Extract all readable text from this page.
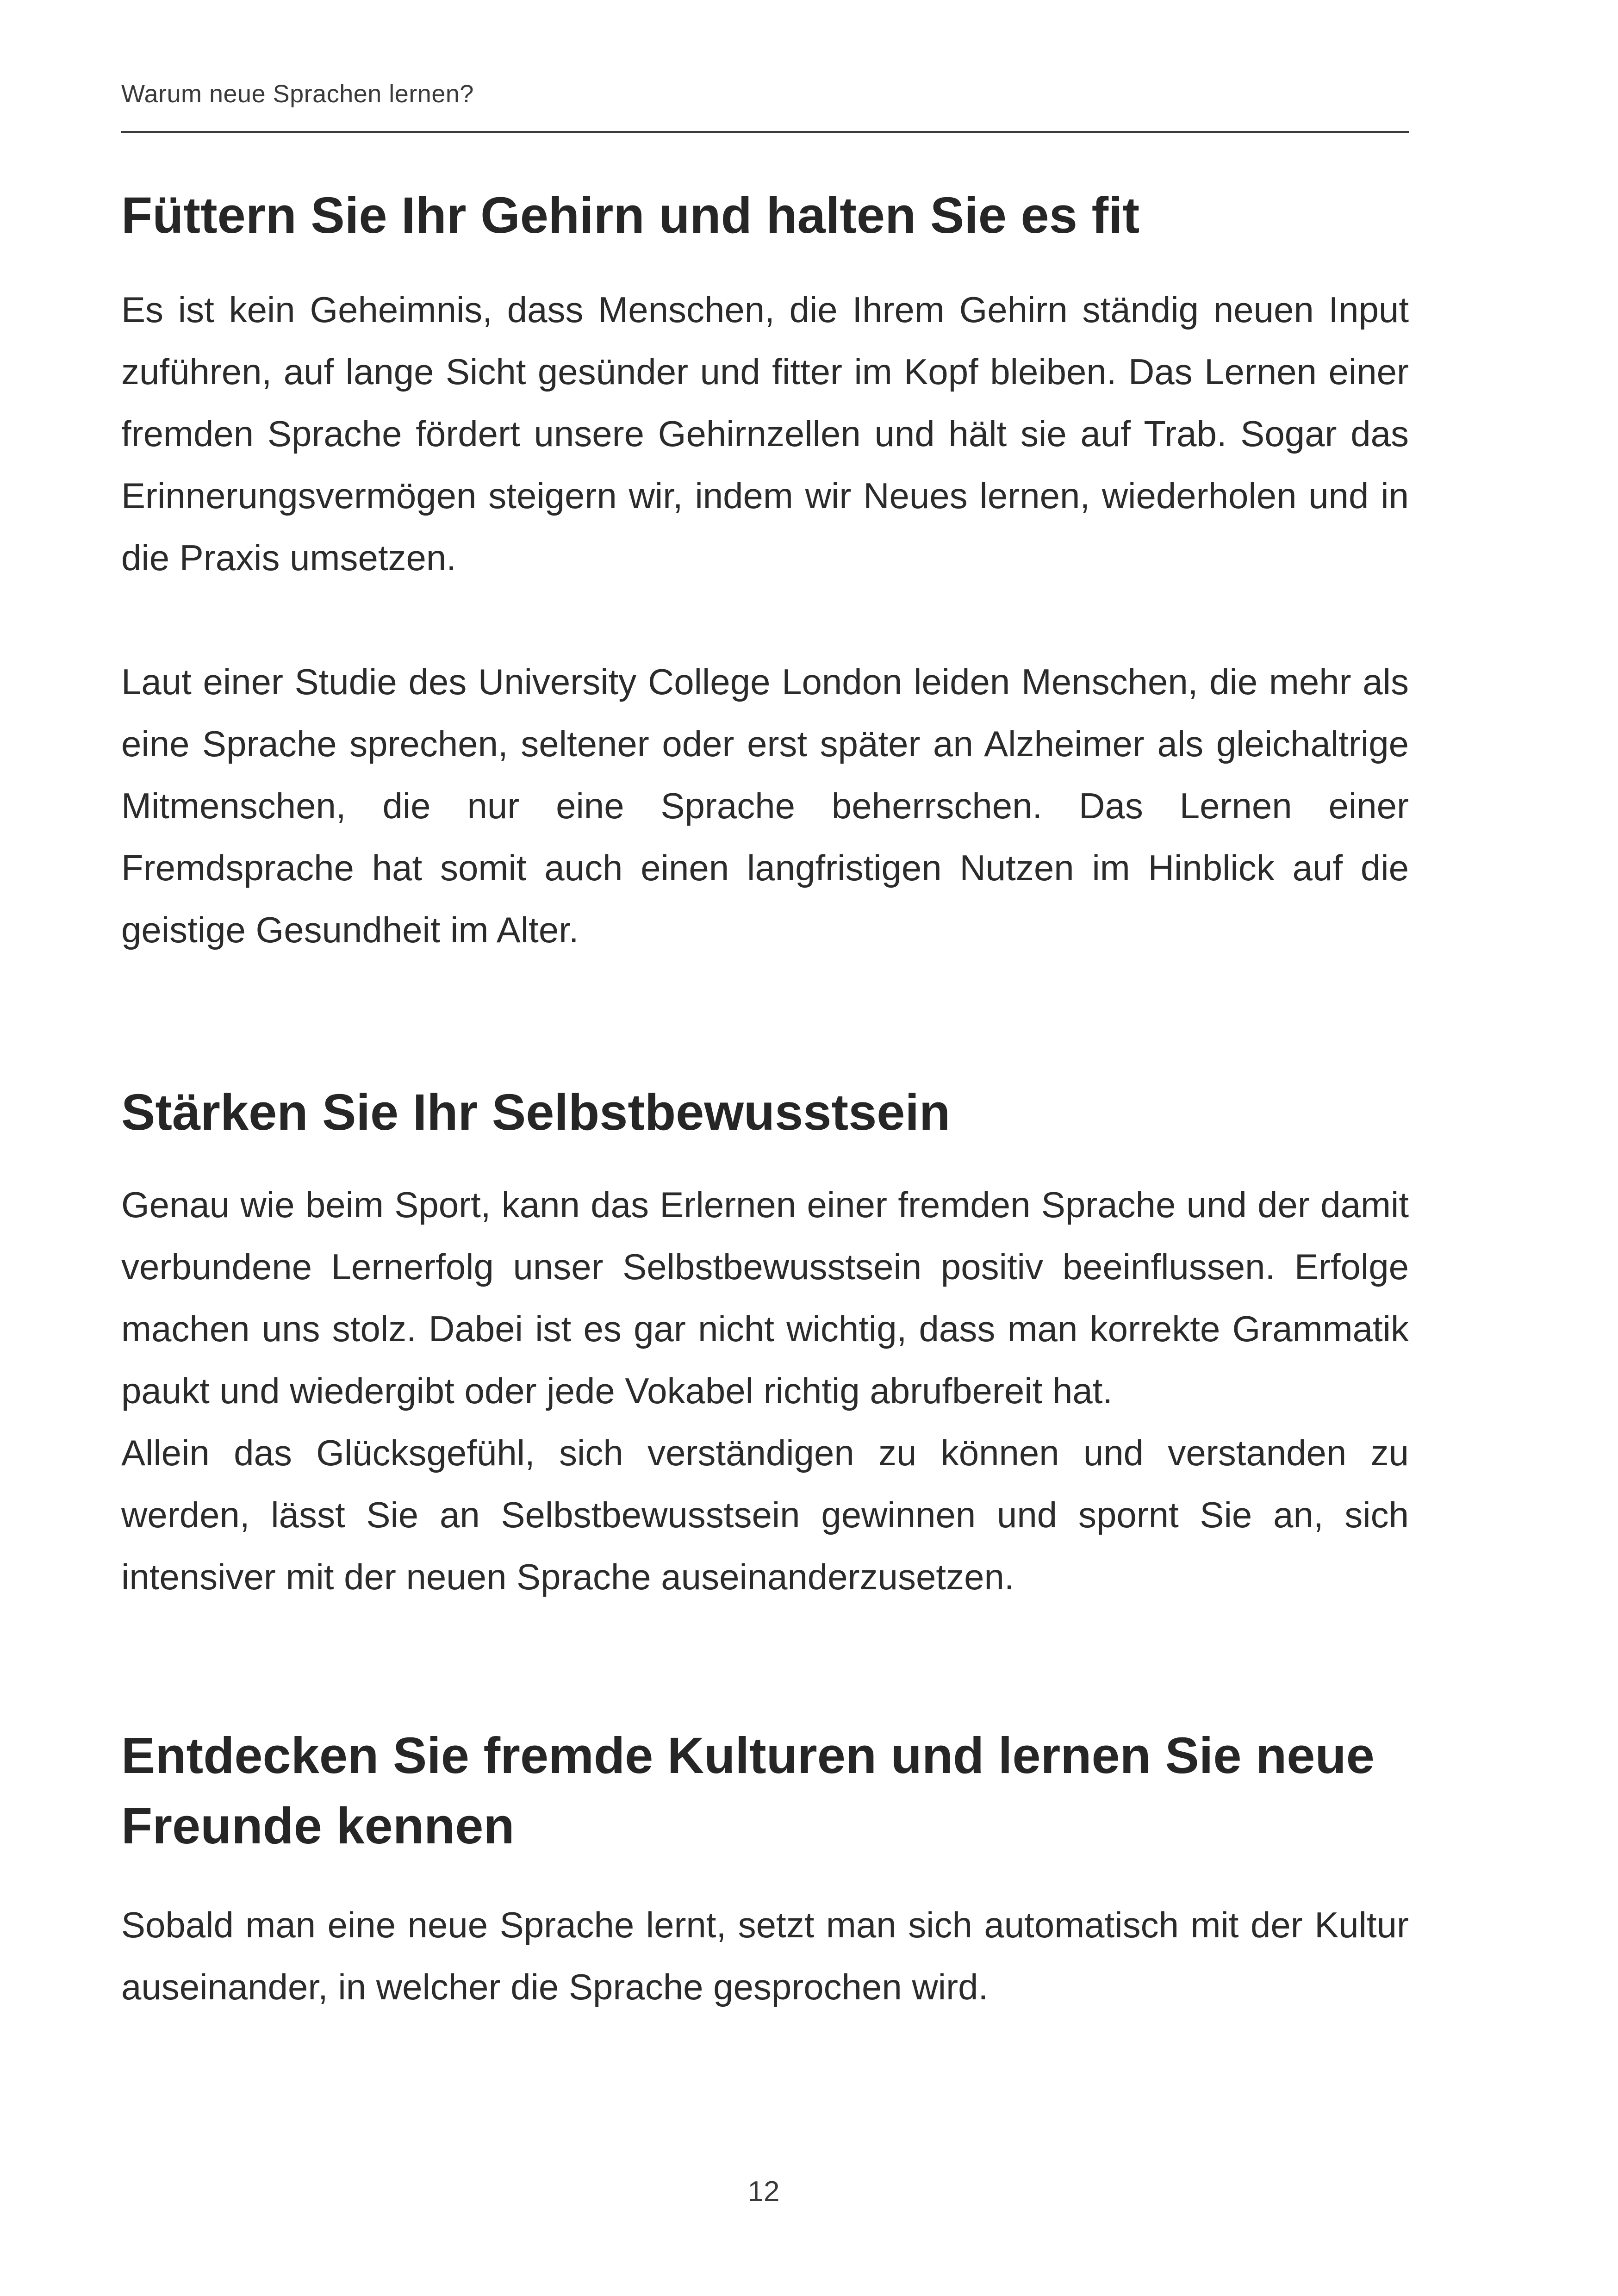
Warum neue Sprachen lernen?
Füttern Sie Ihr Gehirn und halten Sie es fit

Es ist kein Geheimnis, dass Menschen, die Ihrem Gehirn ständig neuen Input zuführen, auf lange Sicht gesünder und fitter im Kopf bleiben. Das Lernen einer fremden Sprache fördert unsere Gehirnzellen und hält sie auf Trab. Sogar das Erinnerungsvermögen steigern wir, indem wir Neues lernen, wiederholen und in die Praxis umsetzen.

Laut einer Studie des University College London leiden Menschen, die mehr als eine Sprache sprechen, seltener oder erst später an Alzheimer als gleichaltrige Mitmenschen, die nur eine Sprache beherrschen. Das Lernen einer Fremdsprache hat somit auch einen langfristigen Nutzen im Hinblick auf die geistige Gesundheit im Alter.

Stärken Sie Ihr Selbstbewusstsein

Genau wie beim Sport, kann das Erlernen einer fremden Sprache und der damit verbundene Lernerfolg unser Selbstbewusstsein positiv beeinflussen. Erfolge machen uns stolz. Dabei ist es gar nicht wichtig, dass man korrekte Grammatik paukt und wiedergibt oder jede Vokabel richtig abrufbereit hat.

Allein das Glücksgefühl, sich verständigen zu können und verstanden zu werden, lässt Sie an Selbstbewusstsein gewinnen und spornt Sie an, sich intensiver mit der neuen Sprache auseinanderzusetzen.

Entdecken Sie fremde Kulturen und lernen Sie neue Freunde kennen

Sobald man eine neue Sprache lernt, setzt man sich automatisch mit der Kultur auseinander, in welcher die Sprache gesprochen wird.

12
